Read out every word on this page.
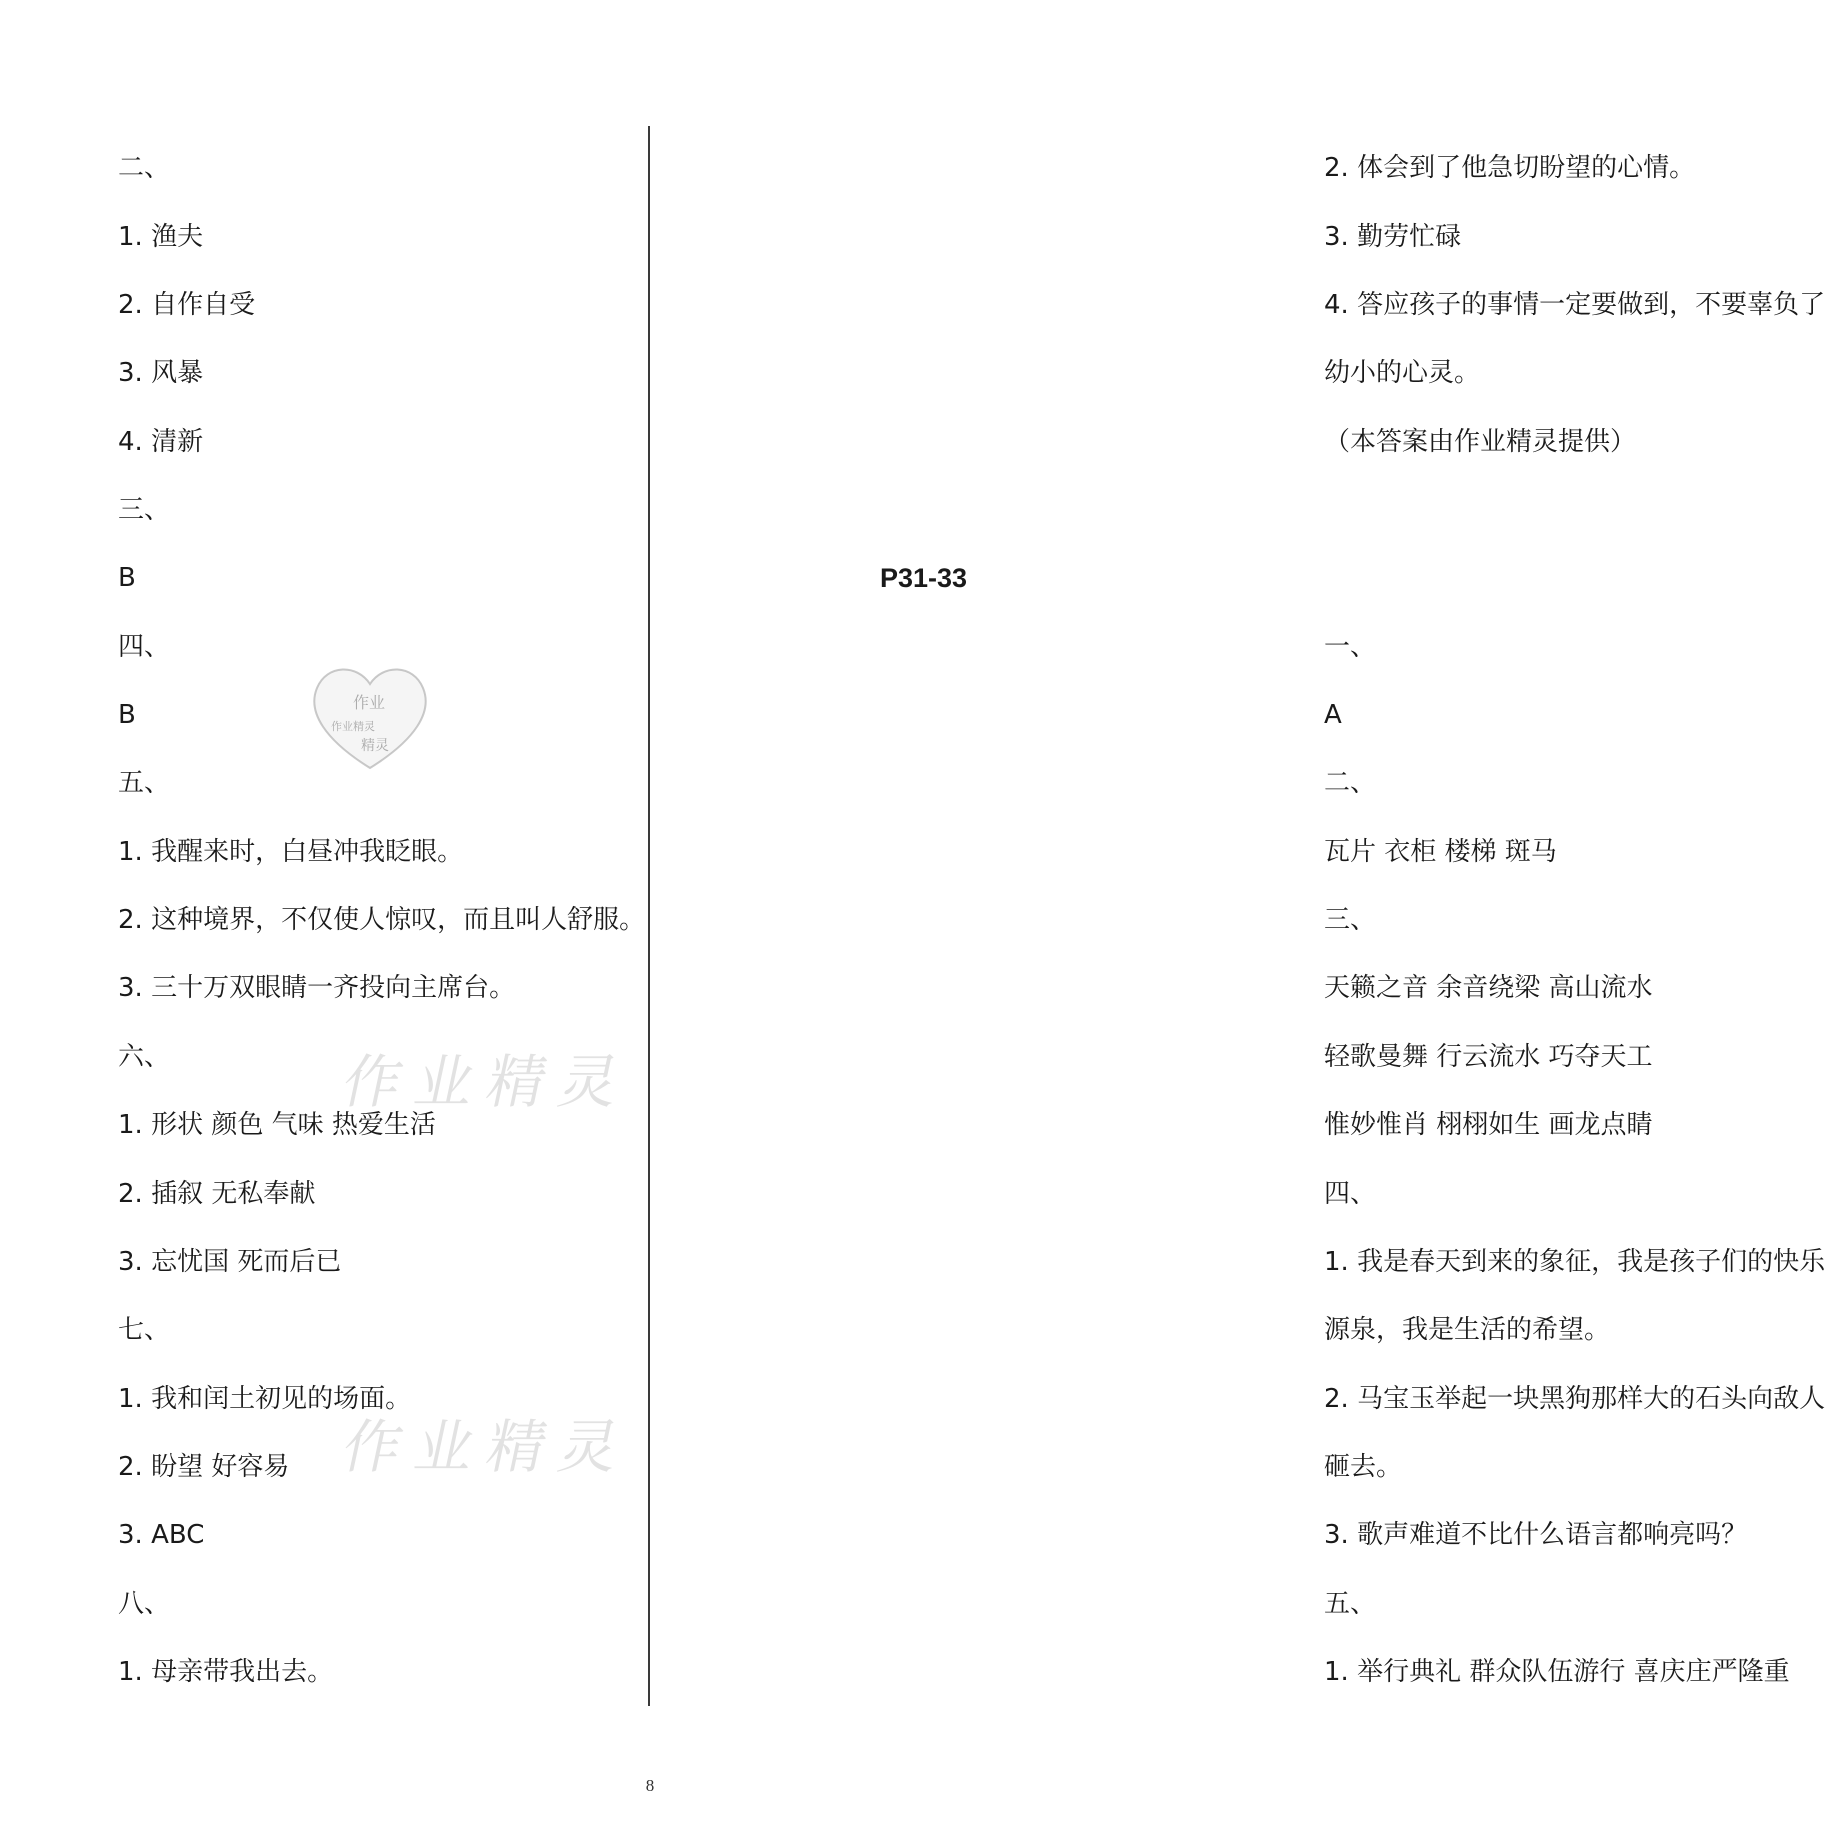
二、
1. 渔夫
2. 自作自受
3. 风暴
4. 清新
三、
B
四、
B
五、
1. 我醒来时，白昼冲我眨眼。
2. 这种境界，不仅使人惊叹，而且叫人舒服。
3. 三十万双眼睛一齐投向主席台。
六、
1. 形状 颜色 气味 热爱生活
2. 插叙 无私奉献
3. 忘忧国 死而后已
七、
1. 我和闰土初见的场面。
2. 盼望 好容易
3. ABC
八、
1. 母亲带我出去。
2. 体会到了他急切盼望的心情。
3. 勤劳忙碌
4. 答应孩子的事情一定要做到，不要辜负了
幼小的心灵。
（本答案由作业精灵提供）
一、
A
二、
瓦片 衣柜 楼梯 斑马
三、
天籁之音 余音绕梁 高山流水
轻歌曼舞 行云流水 巧夺天工
惟妙惟肖 栩栩如生 画龙点睛
四、
1. 我是春天到来的象征，我是孩子们的快乐
源泉，我是生活的希望。
2. 马宝玉举起一块黑狗那样大的石头向敌人
砸去。
3. 歌声难道不比什么语言都响亮吗？
五、
1. 举行典礼 群众队伍游行 喜庆庄严隆重
P31-33
作业
作业精灵
精灵
作业精灵
作业精灵
8
